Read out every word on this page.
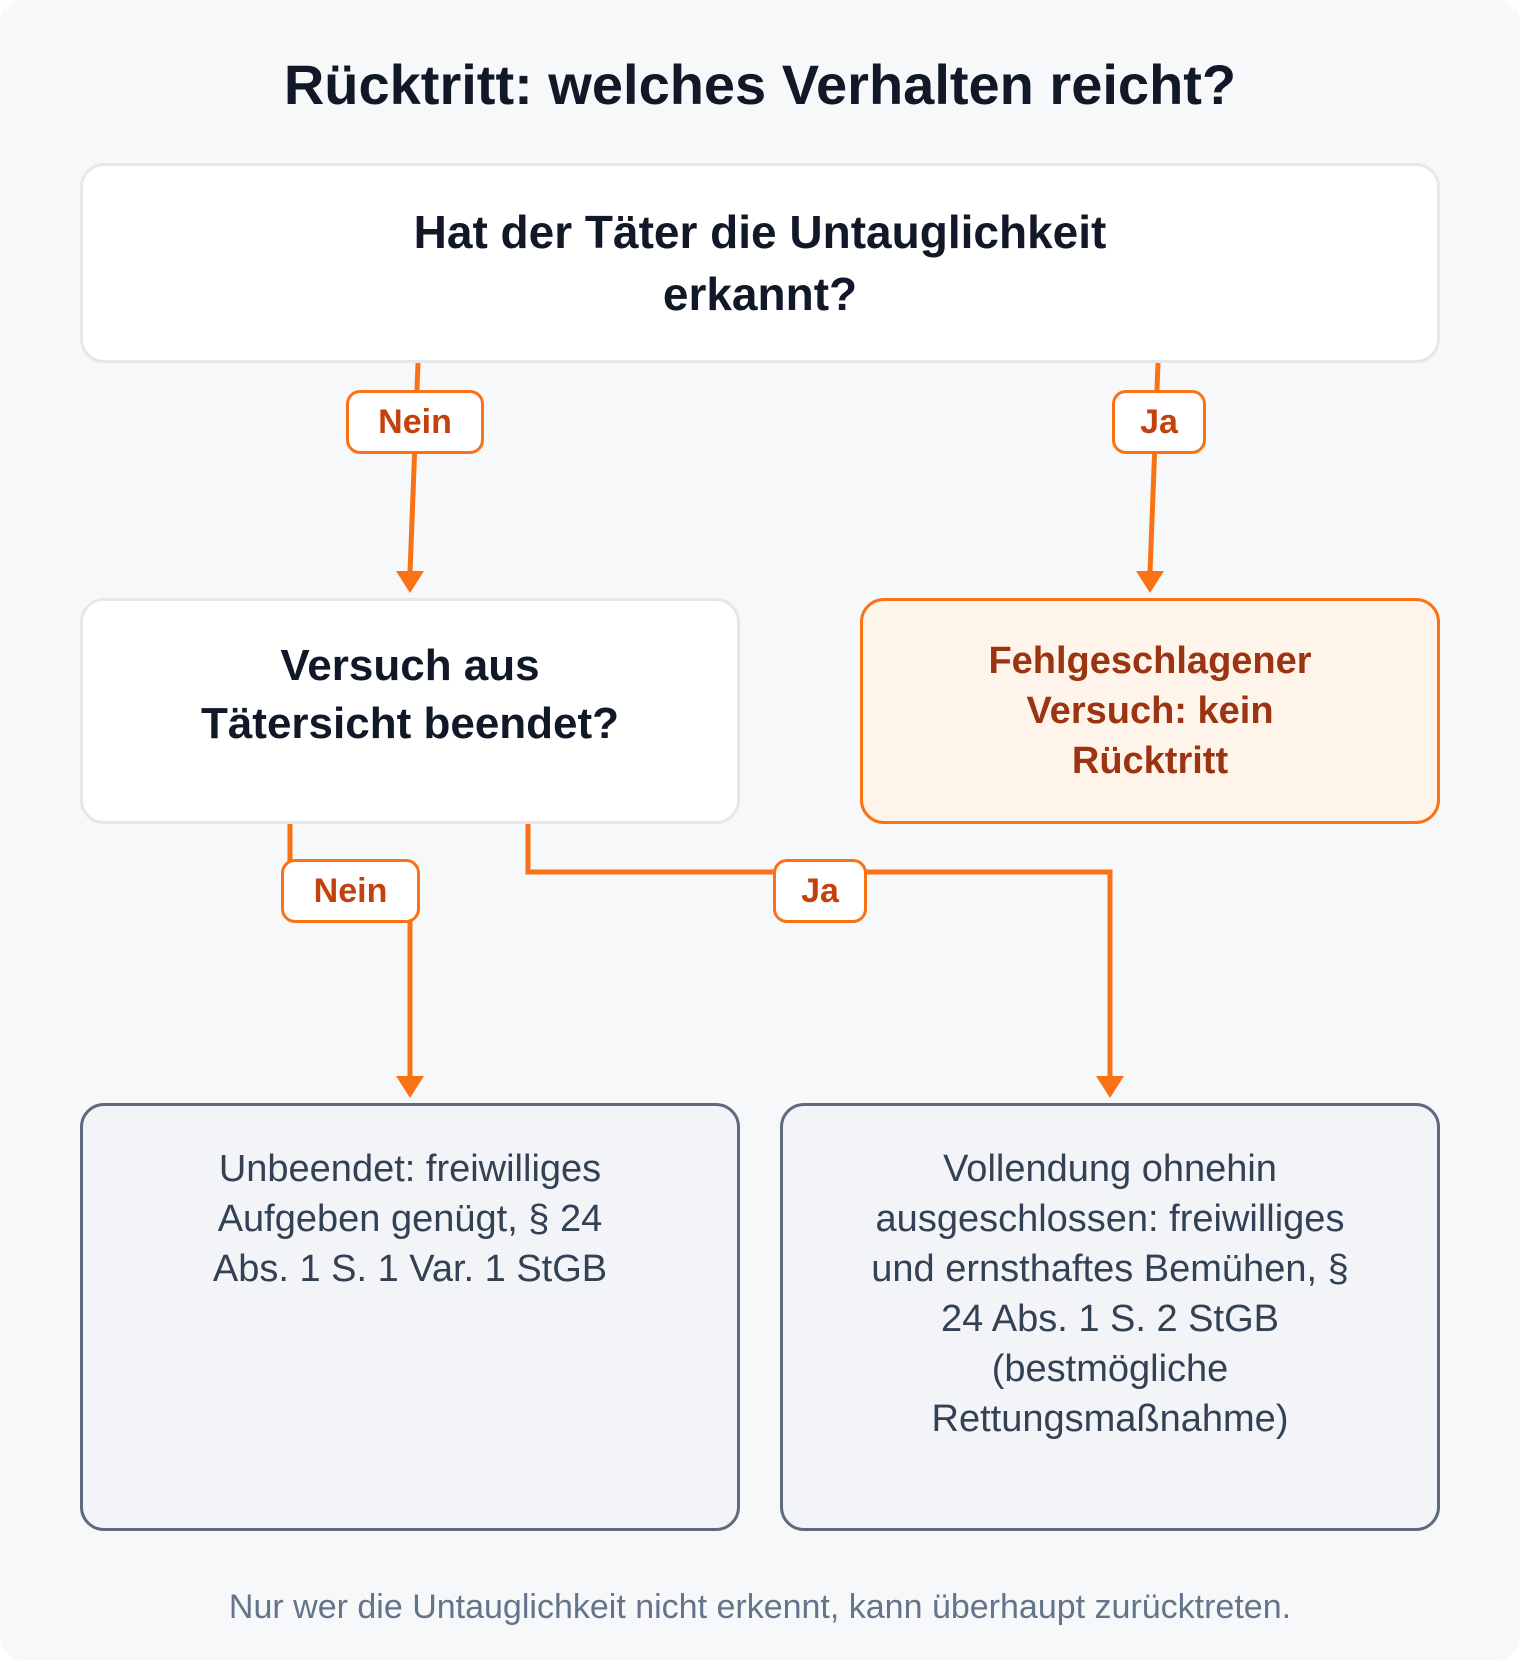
Rücktritt: welches Verhalten reicht?
Hat der Täter die Untauglichkeit erkannt?
Versuch aus Tätersicht beendet?
Fehlgeschlagener Versuch: kein Rücktritt
Unbeendet: freiwilliges Aufgeben genügt, § 24 Abs. 1 S. 1 Var. 1 StGB
Vollendung ohnehin ausgeschlossen: freiwilliges und ernsthaftes Bemühen, § 24 Abs. 1 S. 2 StGB (bestmögliche Rettungsmaßnahme)
Nein	Ja
Nein	Ja
Nur wer die Untauglichkeit nicht erkennt, kann überhaupt zurücktreten.
